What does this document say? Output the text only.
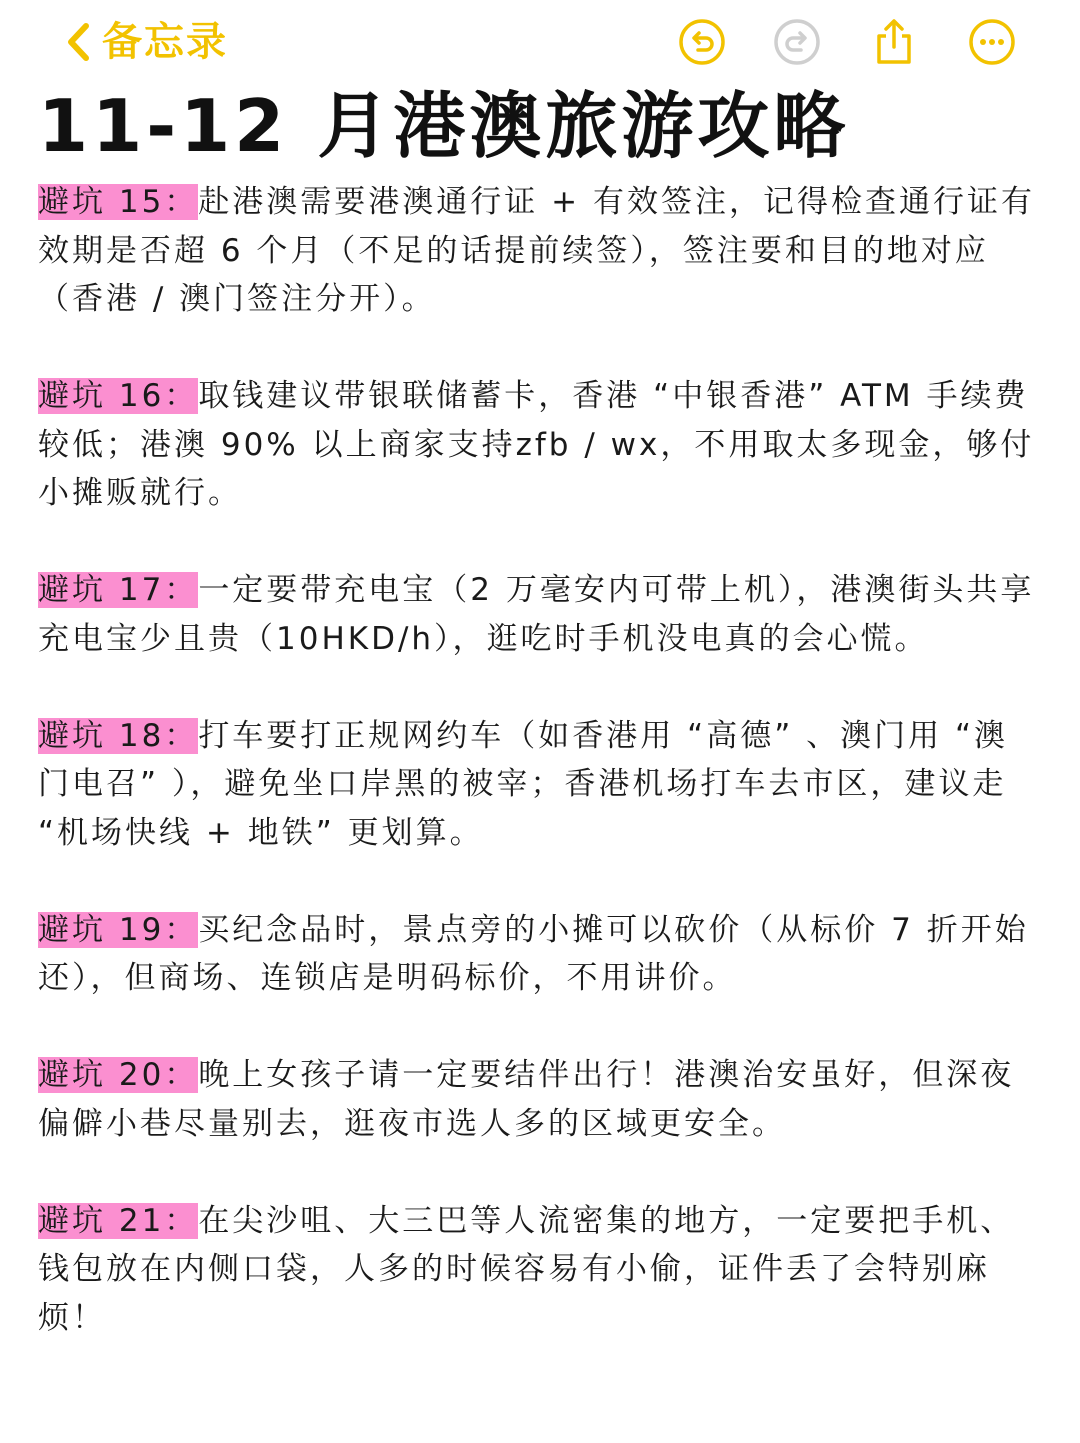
备忘录
11-12 月港澳旅游攻略

避坑 15：赴港澳需要港澳通行证 + 有效签注，记得检查通行证有效期是否超 6 个月（不足的话提前续签），签注要和目的地对应（香港 / 澳门签注分开）。

避坑 16：取钱建议带银联储蓄卡，香港 “中银香港” ATM 手续费较低；港澳 90% 以上商家支持zfb / wx，不用取太多现金，够付小摊贩就行。

避坑 17：一定要带充电宝（2 万毫安内可带上机），港澳街头共享充电宝少且贵（10HKD/h），逛吃时手机没电真的会心慌。

避坑 18：打车要打正规网约车（如香港用 “高德” 、澳门用 “澳门电召” ），避免坐口岸黑的被宰；香港机场打车去市区，建议走 “机场快线 + 地铁” 更划算。

避坑 19：买纪念品时，景点旁的小摊可以砍价（从标价 7 折开始还），但商场、连锁店是明码标价，不用讲价。

避坑 20：晚上女孩子请一定要结伴出行！港澳治安虽好，但深夜偏僻小巷尽量别去，逛夜市选人多的区域更安全。

避坑 21：在尖沙咀、大三巴等人流密集的地方，一定要把手机、钱包放在内侧口袋，人多的时候容易有小偷，证件丢了会特别麻烦！
